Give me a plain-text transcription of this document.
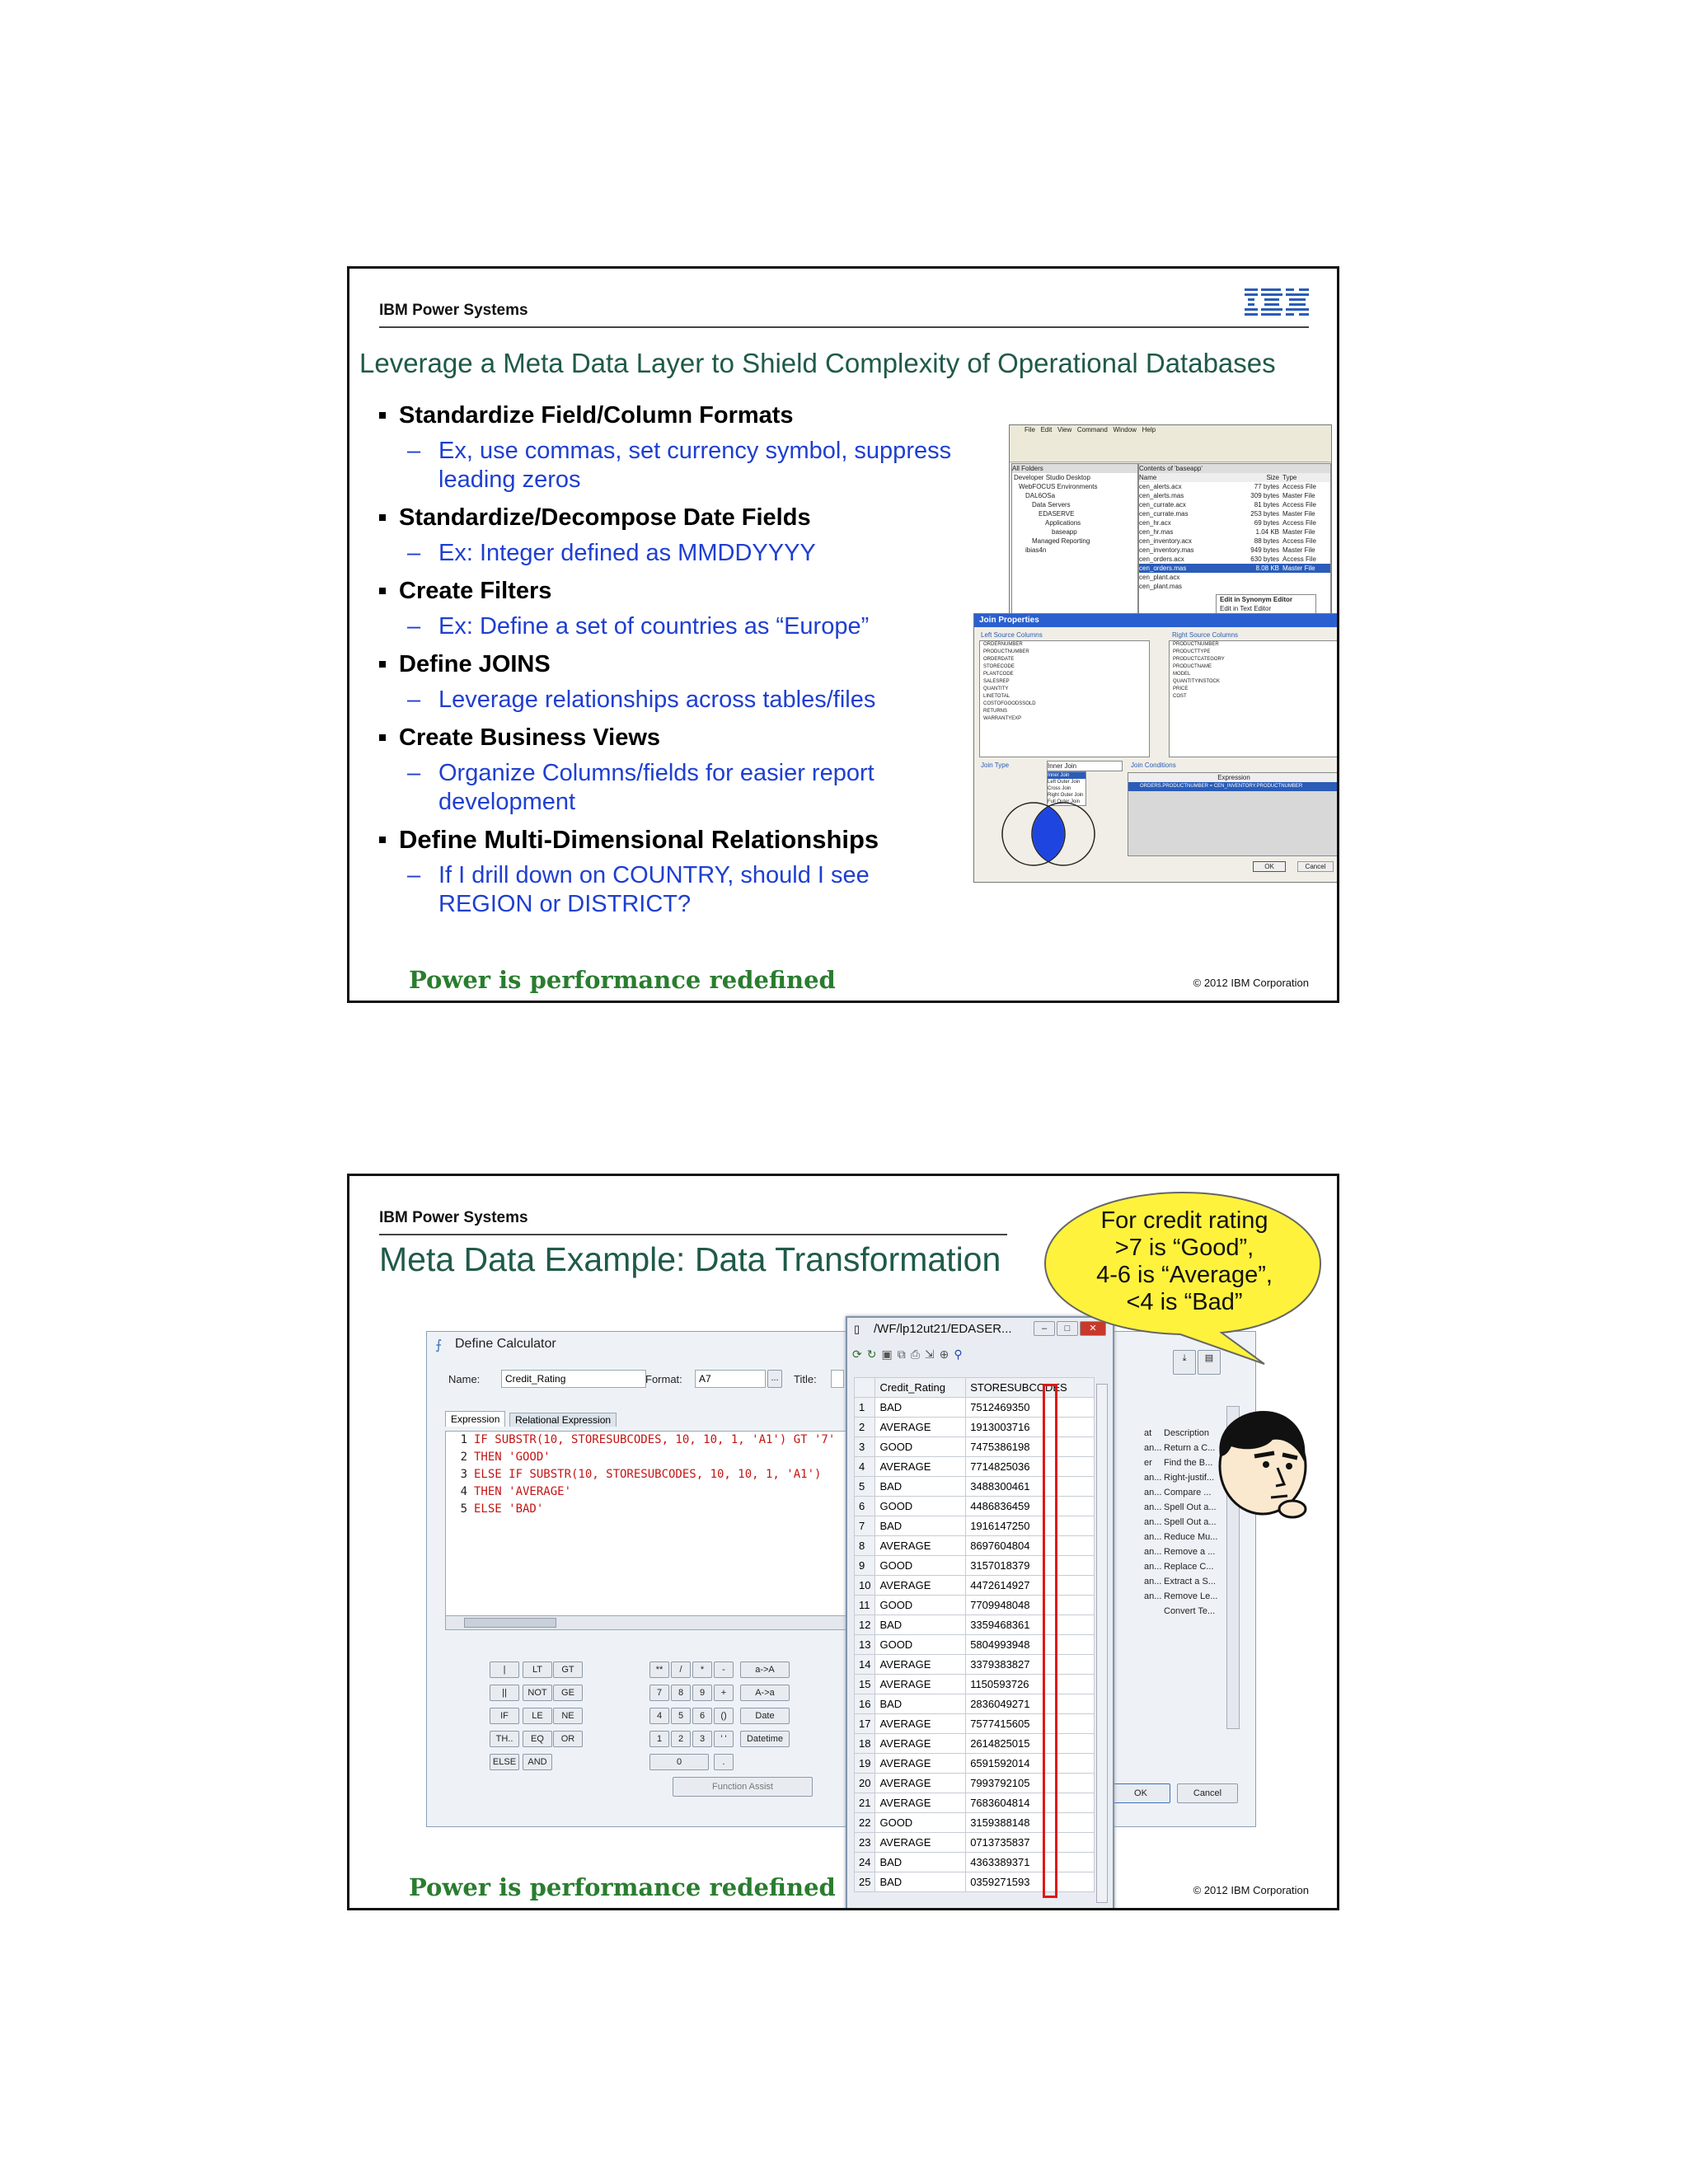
IBM Power Systems
Leverage a Meta Data Layer to Shield Complexity of Operational Databases
Standardize Field/Column Formats
– Ex, use commas, set currency symbol, suppress leading zeros
Standardize/Decompose Date Fields
– Ex: Integer defined as MMDDYYYY
Create Filters
– Ex: Define a set of countries as “Europe”
Define JOINS
– Leverage relationships across tables/files
Create Business Views
– Organize Columns/fields for easier report development
Define Multi-Dimensional Relationships
– If I drill down on COUNTRY, should I see REGION or DISTRICT?
File Edit View Command Window Help
All Folders
Developer Studio Desktop
WebFOCUS Environments
DAL6OSa
Data Servers
EDASERVE
Applications
baseapp
Managed Reporting
ibias4n
Contents of 'baseapp'
Name	Size Type
cen_alerts.acx	77 bytes Access File
cen_alerts.mas	309 bytes Master File
cen_currate.acx	81 bytes Access File
cen_currate.mas	253 bytes Master File
cen_hr.acx	69 bytes Access File
cen_hr.mas	1.04 KB Master File
cen_inventory.acx	88 bytes Access File
cen_inventory.mas	949 bytes Master File
cen_orders.acx	630 bytes Access File
cen_orders.mas	8.08 KB Master File
cen_plant.acx
cen_plant.mas
Edit in Synonym Editor
Edit in Text Editor
Join Properties
Left Source Columns	Right Source Columns
ORDERNUMBER
PRODUCTNUMBER
ORDERDATE
STORECODE
PLANTCODE
SALESREP
QUANTITY
LINETOTAL
COSTOFGOODSSOLD
RETURNS
WARRANTYEXP
PRODUCTNUMBER
PRODUCTTYPE
PRODUCTCATEGORY
PRODUCTNAME
MODEL
QUANTITYINSTOCK
PRICE
COST
Join Type	Inner Join
Inner Join
Left Outer Join
Cross Join
Right Outer Join
Full Outer Join
Join Conditions
Expression
ORDERS.PRODUCTNUMBER = CEN_INVENTORY.PRODUCTNUMBER
OK	Cancel
Power is performance redefined	© 2012 IBM Corporation
IBM Power Systems
Meta Data Example: Data Transformation
⨍ Define Calculator
Name:	Credit_Rating	Format:	A7	...	Title:
Expression	Relational Expression
1 IF SUBSTR(10, STORESUBCODES, 10, 10, 1, 'A1') GT '7'
2 THEN 'GOOD'
3 ELSE IF SUBSTR(10, STORESUBCODES, 10, 10, 1, 'A1')
4 THEN 'AVERAGE'
5 ELSE 'BAD'
|	LT	GT	**	/	*	-	a->A
||	NOT	GE	7	8	9	+	A->a
IF	LE	NE	4	5	6	()	Date
TH..	EQ	OR	1	2	3	' '	Datetime
ELSE	AND	0	.
Function Assist
⤓	▤
at Description
an... Return a C...
er Find the B...
an... Right-justif...
an... Compare ...
an... Spell Out a...
an... Spell Out a...
an... Reduce Mu...
an... Remove a ...
an... Replace C...
an... Extract a S...
an... Remove Le...
Convert Te...
OK	Cancel
▯	/WF/lp12ut21/EDASER...	–	□	✕
⟳↻▣⧉⎙⇲⊕⚲
	Credit_Rating	STORESUBCODES
1	BAD	7512469350
2	AVERAGE	1913003716
3	GOOD	7475386198
4	AVERAGE	7714825036
5	BAD	3488300461
6	GOOD	4486836459
7	BAD	1916147250
8	AVERAGE	8697604804
9	GOOD	3157018379
10	AVERAGE	4472614927
11	GOOD	7709948048
12	BAD	3359468361
13	GOOD	5804993948
14	AVERAGE	3379383827
15	AVERAGE	1150593726
16	BAD	2836049271
17	AVERAGE	7577415605
18	AVERAGE	2614825015
19	AVERAGE	6591592014
20	AVERAGE	7993792105
21	AVERAGE	7683604814
22	GOOD	3159388148
23	AVERAGE	0713735837
24	BAD	4363389371
25	BAD	0359271593
For credit rating
>7 is “Good”,
4-6 is “Average”,
<4 is “Bad”
Power is performance redefined	© 2012 IBM Corporation
